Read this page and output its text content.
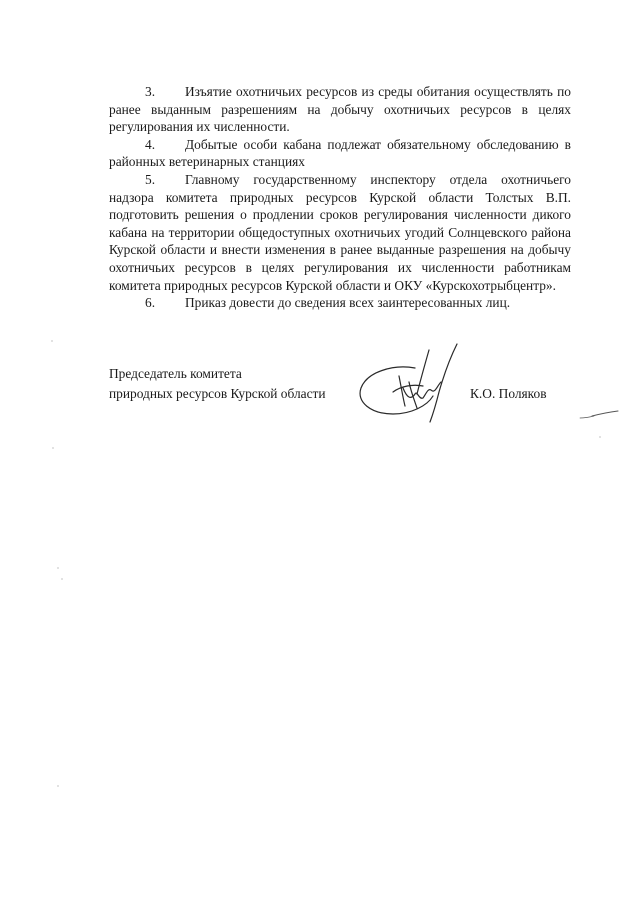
3. Изъятие охотничьих ресурсов из среды обитания осуществлять по ранее выданным разрешениям на добычу охотничьих ресурсов в целях регулирования их численности.

4. Добытые особи кабана подлежат обязательному обследованию в районных ветеринарных станциях

5. Главному государственному инспектору отдела охотничьего надзора комитета природных ресурсов Курской области Толстых В.П. подготовить решения о продлении сроков регулирования численности дикого кабана на территории общедоступных охотничьих угодий Солнцевского района Курской области и внести изменения в ранее выданные разрешения на добычу охотничьих ресурсов в целях регулирования их численности работникам комитета природных ресурсов Курской области и ОКУ «Курскохотрыбцентр».

6. Приказ довести до сведения всех заинтересованных лиц.

Председатель комитета
природных ресурсов Курской области	К.О. Поляков
